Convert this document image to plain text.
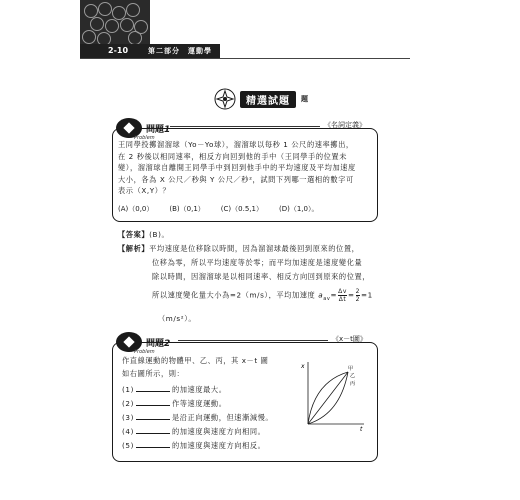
2-10	第二部分　運動學
精選試題	題
問題1
Problem
《名詞定義》
王同學投擲溜溜球（Yo－Yo球），溜溜球以每秒 1 公尺的速率擲出，
在 2 秒後以相同速率，相反方向回到他的手中（王同學手的位置未
變），溜溜球自離開王同學手中到回到他手中的平均速度及平均加速度
大小，各為 X 公尺／秒與 Y 公尺／秒²，試問下列哪一選相的數字可
表示（X,Y）？
(A)（0,0） (B)（0,1） (C)（0.5,1） (D)（1,0）。
【答案】(B)。
【解析】 平均速度是位移除以時間，因為溜溜球最後回到原來的位置，
位移為零，所以平均速度等於零；而平均加速度是速度變化量
除以時間，因溜溜球是以相同速率、相反方向回到原來的位置，
所以速度變化量大小為=2（m/s），平均加速度 $a_{av}= \frac{\Delta v}{\Delta t} = \frac{2}{2} =1$
（m/s²）。
問題2
Problem
《x－t圖》
作直線運動的物體甲、乙、丙，其 x－t 圖
如右圖所示，則：
(1)	的加速度最大。
(2)	作等速度運動。
(3)	是沿正向運動，但速漸減慢。
(4)	的加速度與速度方向相同。
(5)	的加速度與速度方向相反。
x	甲
乙
丙
t
